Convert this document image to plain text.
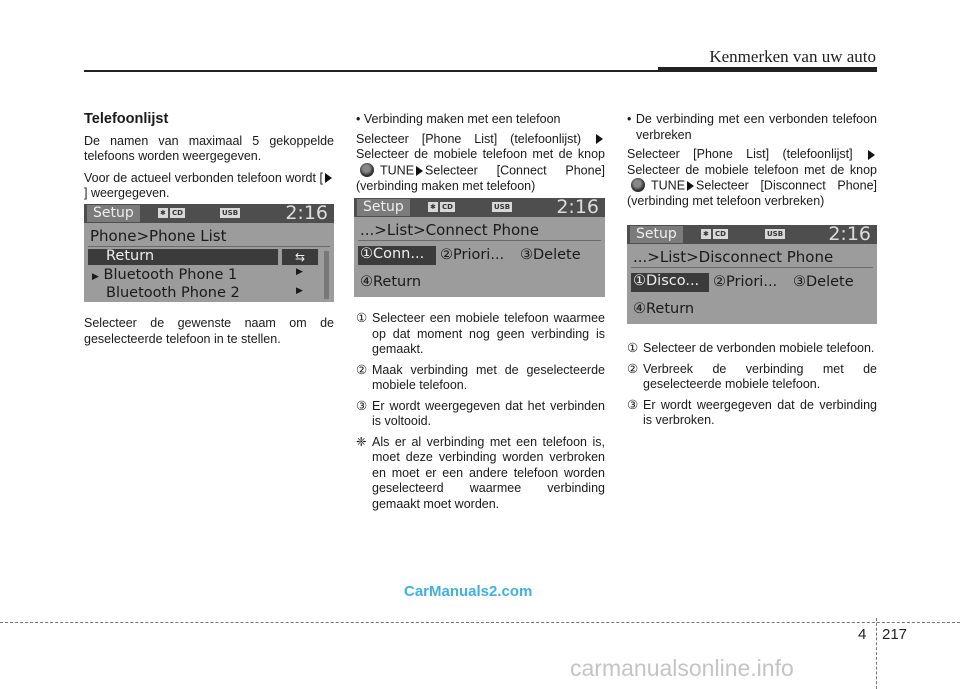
Kenmerken van uw auto
Telefoonlijst

De namen van maximaal 5 gekoppelde telefoons worden weergegeven.

Voor de actueel verbonden telefoon wordt [] weergegeven.

Setup	✱ CD	USB 2:16
Phone>Phone List
Return	⇆
▶ Bluetooth Phone 1	▶
Bluetooth Phone 2	▶
Selecteer de gewenste naam om de geselecteerde telefoon in te stellen.

• Verbinding maken met een telefoon

Selecteer [Phone List] (telefoonlijst)  Selecteer de mobiele telefoon met de knopTUNE Selecteer [Connect Phone] (verbinding maken met telefoon)

Setup	✱ CD	USB 2:16
...>List>Connect Phone
①Conn... ②Priori... ③Delete
④Return
① Selecteer een mobiele telefoon waarmee op dat moment nog geen verbinding is gemaakt.
② Maak verbinding met de geselecteerde mobiele telefoon.
③ Er wordt weergegeven dat het verbinden is voltooid.
❈ Als er al verbinding met een telefoon is, moet deze verbinding worden verbroken en moet er een andere telefoon worden geselecteerd waarmee verbinding gemaakt moet worden.

• De verbinding met een verbonden telefoon verbreken

Selecteer [Phone List] (telefoonlijst]  Selecteer de mobiele telefoon met de knopTUNE Selecteer [Disconnect Phone] (verbinding met telefoon verbreken)

Setup	✱ CD	USB 2:16
...>List>Disconnect Phone
①Disco... ②Priori... ③Delete
④Return
① Selecteer de verbonden mobiele telefoon.
② Verbreek de verbinding met de geselecteerde mobiele telefoon.
③ Er wordt weergegeven dat de verbinding is verbroken.
CarManuals2.com
4 217
carmanualsonline.info
